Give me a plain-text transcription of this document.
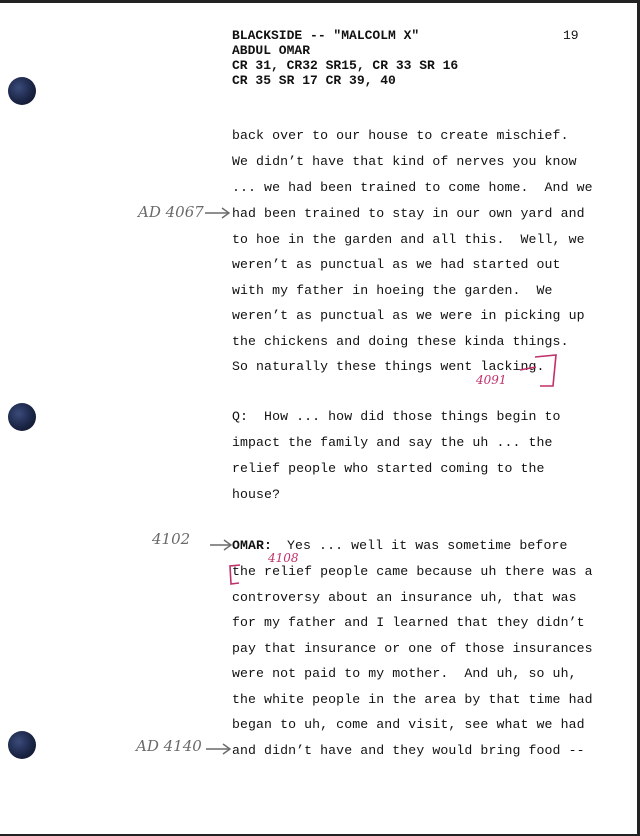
BLACKSIDE -- "MALCOLM X"
ABDUL OMAR
CR 31, CR32 SR15, CR 33 SR 16
CR 35 SR 17 CR 39, 40
19
back over to our house to create mischief.
We didn’t have that kind of nerves you know
... we had been trained to come home.  And we
had been trained to stay in our own yard and
to hoe in the garden and all this.  Well, we
weren’t as punctual as we had started out
with my father in hoeing the garden.  We
weren’t as punctual as we were in picking up
the chickens and doing these kinda things.
So naturally these things went lacking.
Q:  How ... how did those things begin to
impact the family and say the uh ... the
relief people who started coming to the
house?
OMAR: Yes ... well it was sometime before
the relief people came because uh there was a
controversy about an insurance uh, that was
for my father and I learned that they didn’t
pay that insurance or one of those insurances
were not paid to my mother.  And uh, so uh,
the white people in the area by that time had
began to uh, come and visit, see what we had
and didn’t have and they would bring food --
AD 4067
4091
4102
4108
AD 4140
